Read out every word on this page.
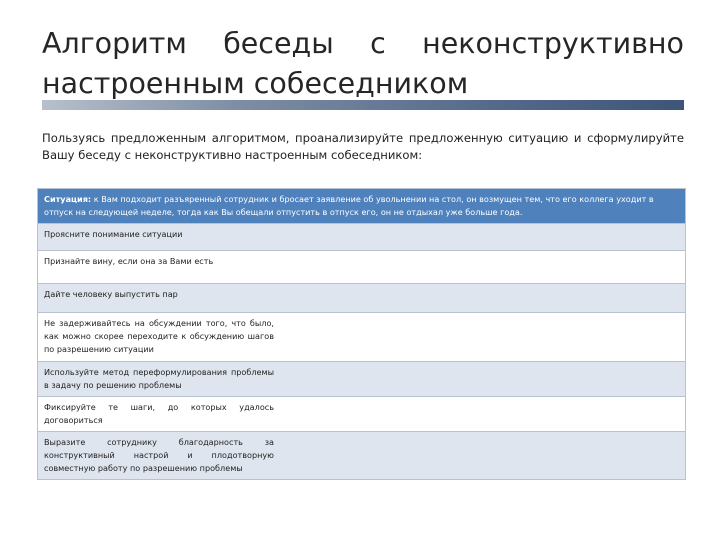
Алгоритм беседы с неконструктивно
настроенным собеседником

Пользуясь предложенным алгоритмом, проанализируйте предложенную ситуацию и сформулируйте Вашу беседу с неконструктивно настроенным собеседником:

Ситуация: к Вам подходит разъяренный сотрудник и бросает заявление об увольнении на стол, он возмущен тем, что его коллега уходит в отпуск на следующей неделе, тогда как Вы обещали отпустить в отпуск его, он не отдыхал уже больше года.
Проясните понимание ситуации
Признайте вину, если она за Вами есть
Дайте человеку выпустить пар

Не задерживайтесь на обсуждении того, что было, как можно скорее переходите к обсуждению шагов по разрешению ситуации

Используйте метод переформулирования проблемы в задачу по решению проблемы

Фиксируйте те шаги, до которых удалось договориться

Выразите сотруднику благодарность за конструктивный настрой и плодотворную совместную работу по разрешению проблемы
